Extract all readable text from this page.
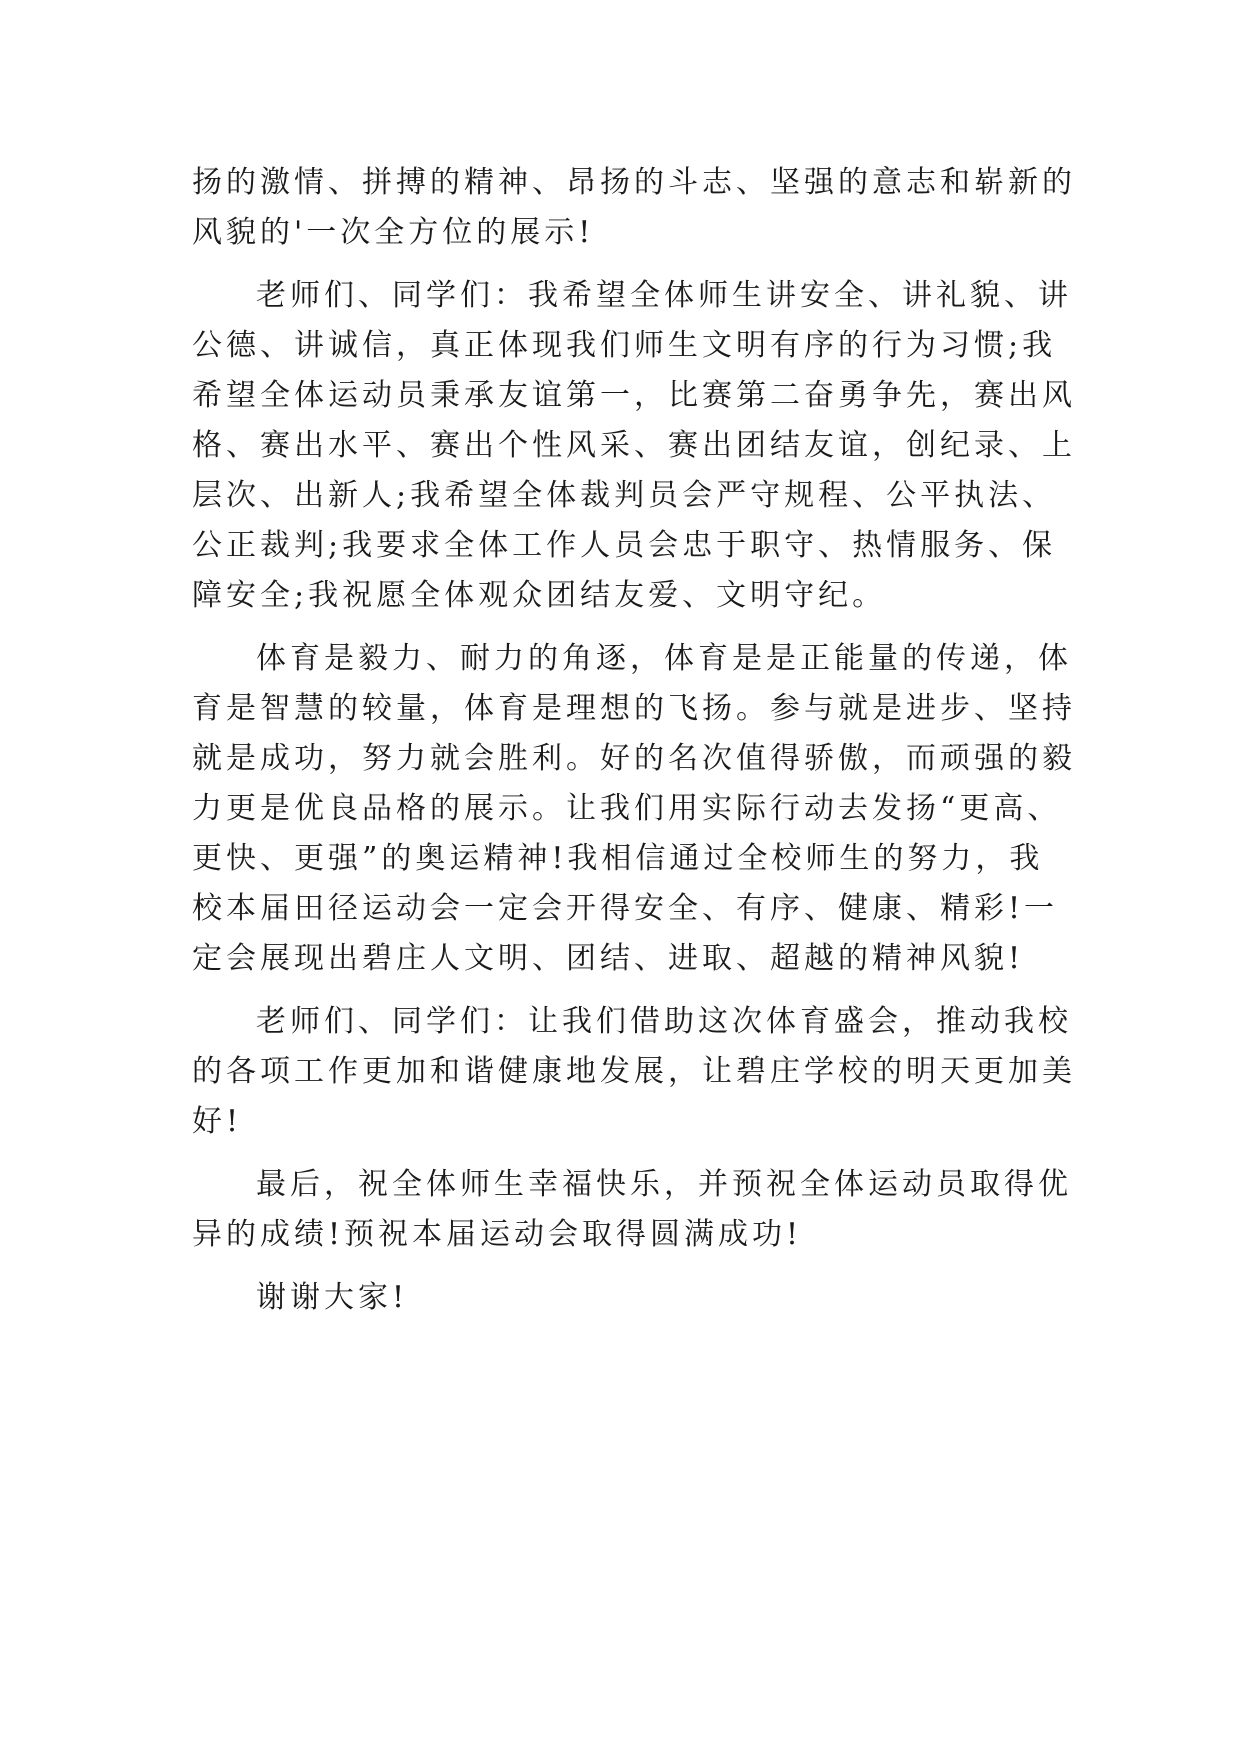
扬的激情、拼搏的精神、昂扬的斗志、坚强的意志和崭新的
风貌的'一次全方位的展示!
老师们、同学们：我希望全体师生讲安全、讲礼貌、讲
公德、讲诚信，真正体现我们师生文明有序的行为习惯;我
希望全体运动员秉承友谊第一，比赛第二奋勇争先，赛出风
格、赛出水平、赛出个性风采、赛出团结友谊，创纪录、上
层次、出新人;我希望全体裁判员会严守规程、公平执法、
公正裁判;我要求全体工作人员会忠于职守、热情服务、保
障安全;我祝愿全体观众团结友爱、文明守纪。
体育是毅力、耐力的角逐，体育是是正能量的传递，体
育是智慧的较量，体育是理想的飞扬。参与就是进步、坚持
就是成功，努力就会胜利。好的名次值得骄傲，而顽强的毅
力更是优良品格的展示。让我们用实际行动去发扬“更高、
更快、更强”的奥运精神!我相信通过全校师生的努力，我
校本届田径运动会一定会开得安全、有序、健康、精彩!一
定会展现出碧庄人文明、团结、进取、超越的精神风貌!
老师们、同学们：让我们借助这次体育盛会，推动我校
的各项工作更加和谐健康地发展，让碧庄学校的明天更加美
好!
最后，祝全体师生幸福快乐，并预祝全体运动员取得优
异的成绩!预祝本届运动会取得圆满成功!
谢谢大家!
